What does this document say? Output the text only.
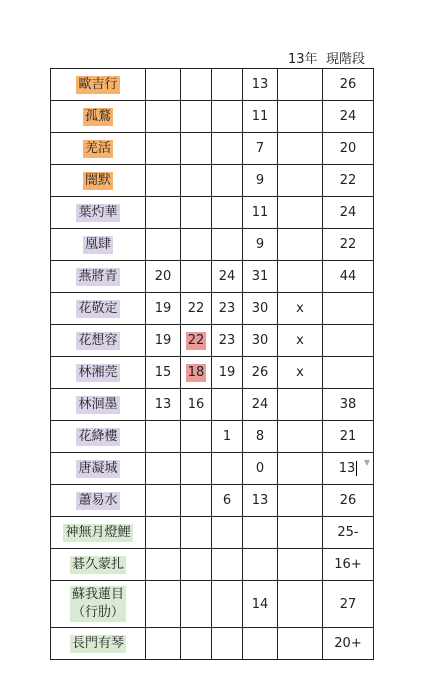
13年 現階段
歐吉行				13		26
孤鶩				11		24
羌活				7		20
闇默				9		22
葉灼華				11		24
凰肆				9		22
燕將青	20		24	31		44
花敬定	19	22	23	30	x	
花想容	19	22	23	30	x	
林湘莞	15	18	19	26	x	
林洄墨	13	16		24		38
花絳樓			1	8		21
唐凝城				0		13 ▼

蕭易水			6	13		26
神無月燈鯉						25-
碁久蒙扎						16+
蘇我蓮目
（行肋）				14		27
長門有琴						20+
